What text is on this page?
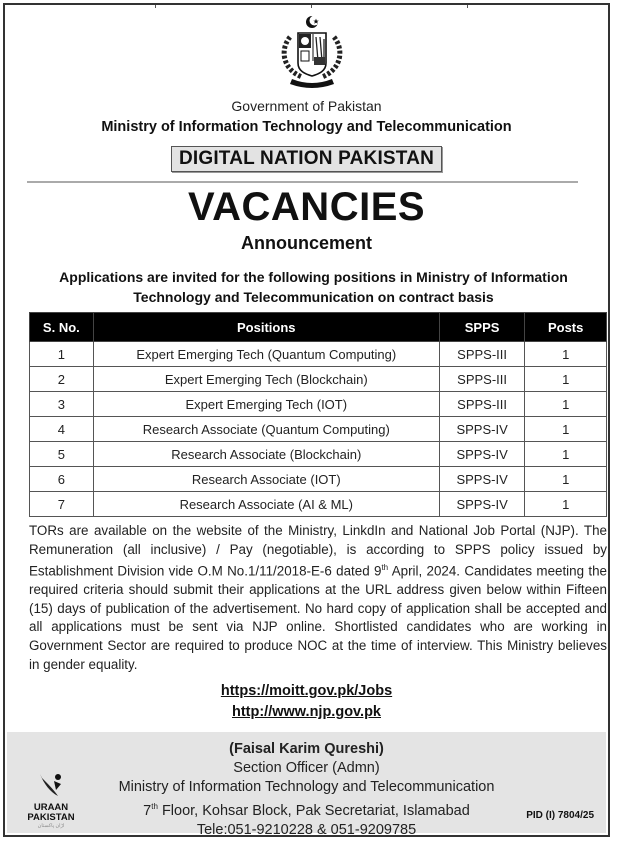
Government of Pakistan
Ministry of Information Technology and Telecommunication
DIGITAL NATION PAKISTAN
VACANCIES
Announcement
Applications are invited for the following positions in Ministry of Information Technology and Telecommunication on contract basis
S. No.	Positions	SPPS	Posts
1	Expert Emerging Tech (Quantum Computing)	SPPS-III	1
2	Expert Emerging Tech (Blockchain)	SPPS-III	1
3	Expert Emerging Tech (IOT)	SPPS-III	1
4	Research Associate (Quantum Computing)	SPPS-IV	1
5	Research Associate (Blockchain)	SPPS-IV	1
6	Research Associate (IOT)	SPPS-IV	1
7	Research Associate (AI & ML)	SPPS-IV	1
TORs are available on the website of the Ministry, LinkdIn and National Job Portal (NJP). The Remuneration (all inclusive) / Pay (negotiable), is according to SPPS policy issued by Establishment Division vide O.M No.1/11/2018-E-6 dated 9th April, 2024. Candidates meeting the required criteria should submit their applications at the URL address given below within Fifteen (15) days of publication of the advertisement. No hard copy of application shall be accepted and all applications must be sent via NJP online. Shortlisted candidates who are working in Government Sector are required to produce NOC at the time of interview. This Ministry believes in gender equality.
https://moitt.gov.pk/Jobs
http://www.njp.gov.pk
(Faisal Karim Qureshi)
Section Officer (Admn)
Ministry of Information Technology and Telecommunication
7th Floor, Kohsar Block, Pak Secretariat, Islamabad
Tele:051-9210228 & 051-9209785
URAAN
PAKISTAN
اڑان پاکستان
PID (I) 7804/25
